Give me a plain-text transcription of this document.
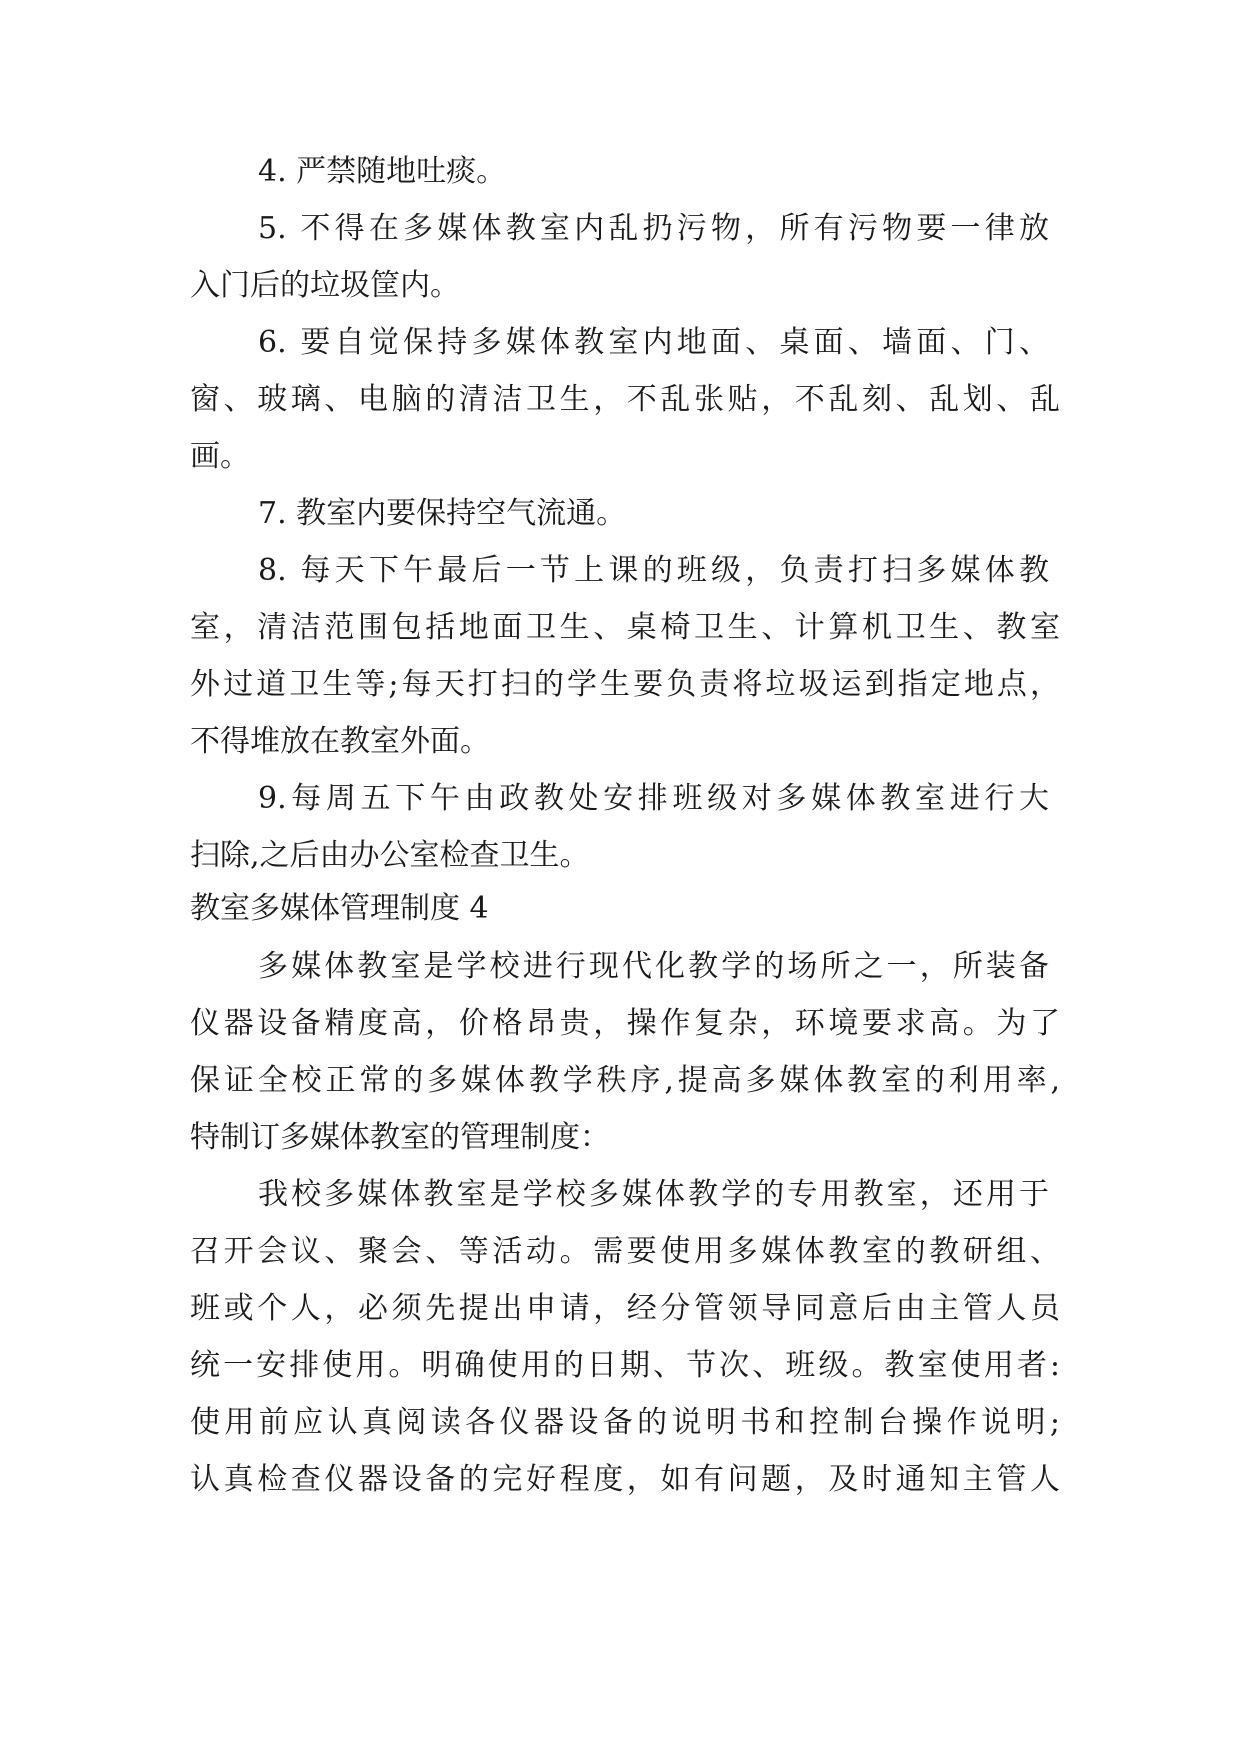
4. 严禁随地吐痰。

5. 不得在多媒体教室内乱扔污物，所有污物要一律放

入门后的垃圾筐内。

6. 要自觉保持多媒体教室内地面、桌面、墙面、门、

窗、玻璃、电脑的清洁卫生，不乱张贴，不乱刻、乱划、乱

画。

7. 教室内要保持空气流通。

8. 每天下午最后一节上课的班级，负责打扫多媒体教

室，清洁范围包括地面卫生、桌椅卫生、计算机卫生、教室

外过道卫生等;每天打扫的学生要负责将垃圾运到指定地点，

不得堆放在教室外面。

9.每周五下午由政教处安排班级对多媒体教室进行大

扫除,之后由办公室检查卫生。

教室多媒体管理制度 4

多媒体教室是学校进行现代化教学的场所之一，所装备

仪器设备精度高，价格昂贵，操作复杂，环境要求高。为了

保证全校正常的多媒体教学秩序,提高多媒体教室的利用率,

特制订多媒体教室的管理制度：

我校多媒体教室是学校多媒体教学的专用教室，还用于

召开会议、聚会、等活动。需要使用多媒体教室的教研组、

班或个人，必须先提出申请，经分管领导同意后由主管人员

统一安排使用。明确使用的日期、节次、班级。教室使用者:

使用前应认真阅读各仪器设备的说明书和控制台操作说明;

认真检查仪器设备的完好程度，如有问题，及时通知主管人
